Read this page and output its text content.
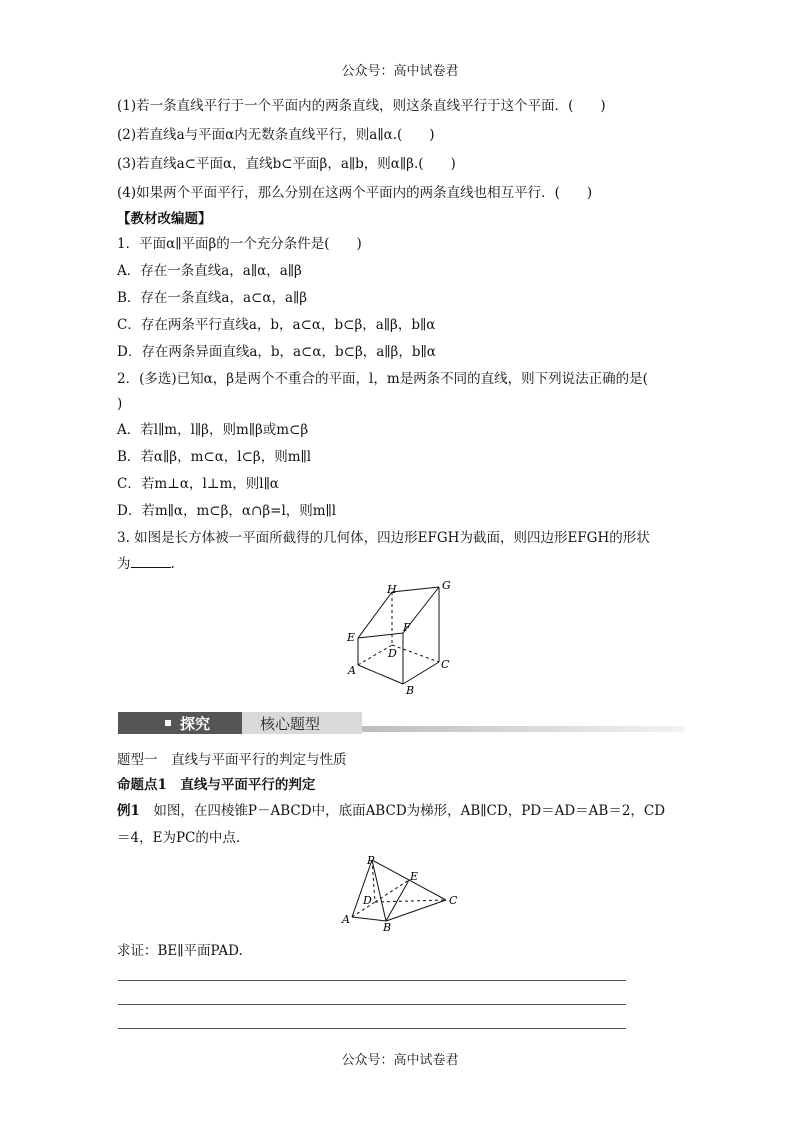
公众号：高中试卷君
(1)若一条直线平行于一个平面内的两条直线，则这条直线平行于这个平面．(　　)
(2)若直线a与平面α内无数条直线平行，则a∥α.(　　)
(3)若直线a⊂平面α，直线b⊂平面β，a∥b，则α∥β.(　　)
(4)如果两个平面平行，那么分别在这两个平面内的两条直线也相互平行．(　　)
【教材改编题】
1．平面α∥平面β的一个充分条件是(　　)
A．存在一条直线a，a∥α，a∥β
B．存在一条直线a，a⊂α，a∥β
C．存在两条平行直线a，b，a⊂α，b⊂β，a∥β，b∥α
D．存在两条异面直线a，b，a⊂α，b⊂β，a∥β，b∥α
2．(多选)已知α，β是两个不重合的平面，l，m是两条不同的直线，则下列说法正确的是(
)
A．若l∥m，l∥β，则m∥β或m⊂β
B．若α∥β，m⊂α，l⊂β，则m∥l
C．若m⊥α，l⊥m，则l∥α
D．若m∥α，m⊂β，α∩β=l，则m∥l
3. 如图是长方体被一平面所截得的几何体，四边形EFGH为截面，则四边形EFGH的形状
为	.
H	G
E
F
D
C
A
B
探究	核心题型
题型一　直线与平面平行的判定与性质
命题点1　直线与平面平行的判定
例1　如图，在四棱锥P－ABCD中，底面ABCD为梯形，AB∥CD，PD＝AD＝AB＝2，CD
＝4，E为PC的中点.
P
E
D	C
A
B
求证：BE∥平面PAD.
公众号：高中试卷君
